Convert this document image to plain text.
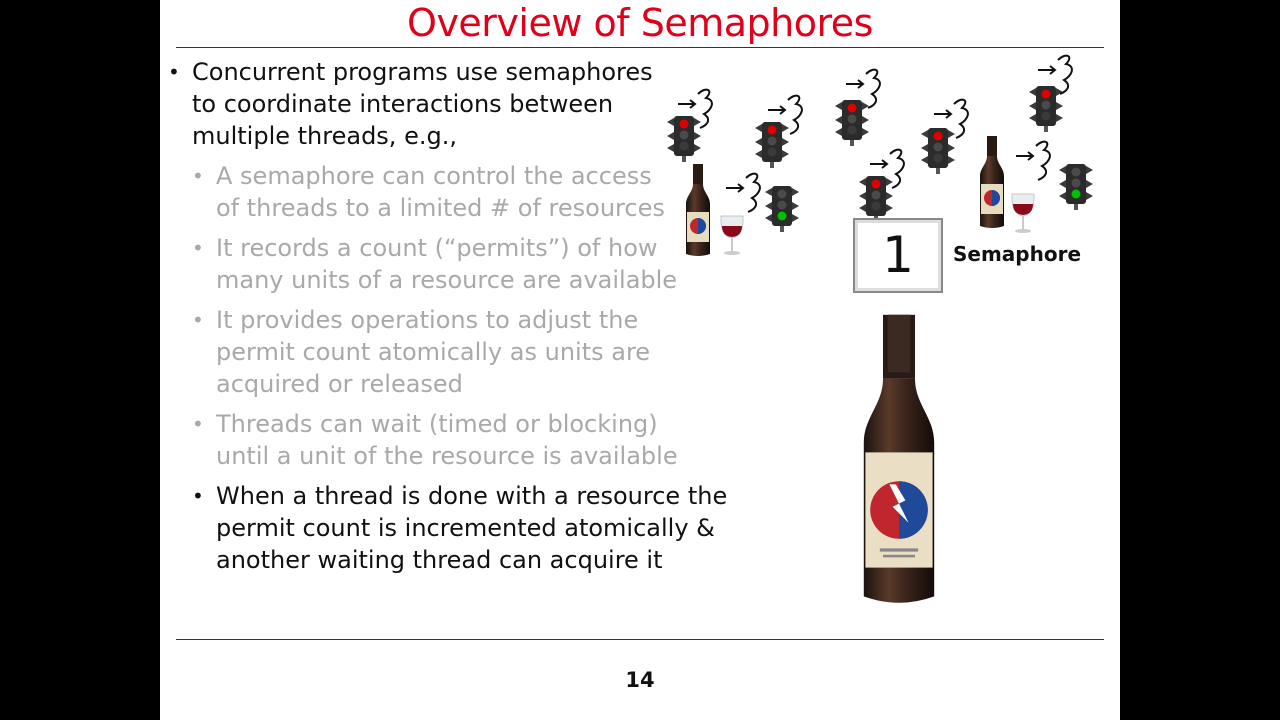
Overview of Semaphores
• Concurrent programs use semaphores
to coordinate interactions between
multiple threads, e.g.,
• A semaphore can control the access
of threads to a limited # of resources
• It records a count (“permits”) of how
many units of a resource are available
• It provides operations to adjust the
permit count atomically as units are
acquired or released
• Threads can wait (timed or blocking)
until a unit of the resource is available
• When a thread is done with a resource the
permit count is incremented atomically &
another waiting thread can acquire it
1	Semaphore
14
